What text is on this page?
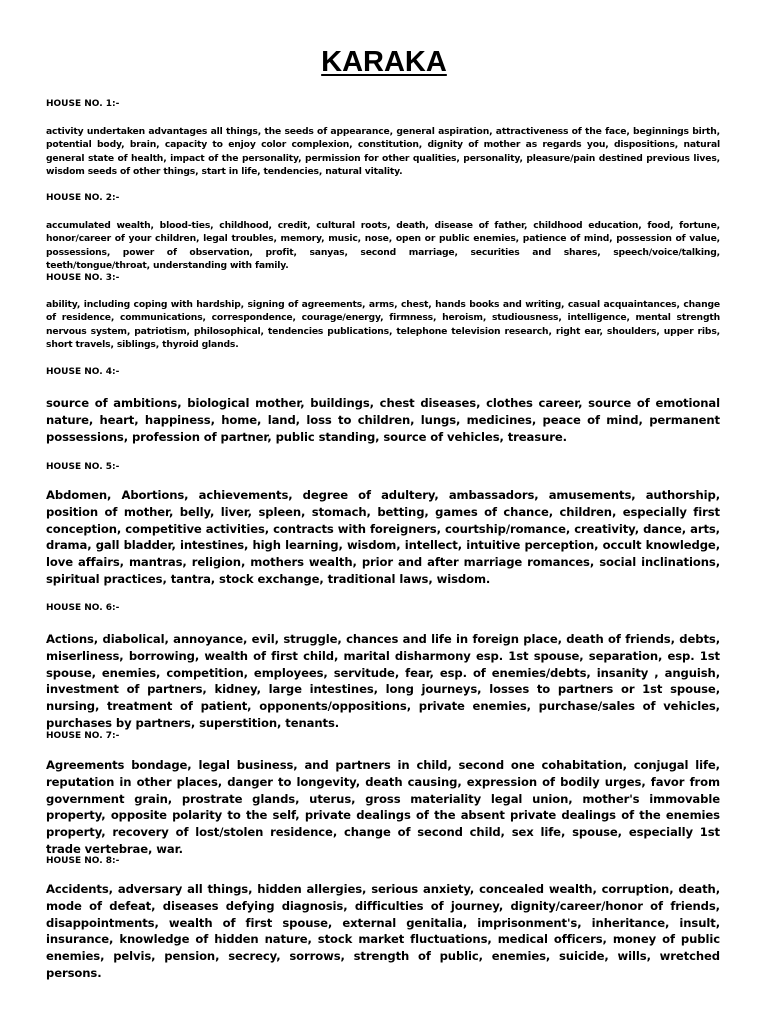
KARAKA
HOUSE NO. 1:-

activity undertaken advantages all things, the seeds of appearance, general aspiration, attractiveness of the face, beginnings birth, potential body, brain, capacity to enjoy color complexion, constitution, dignity of mother as regards you, dispositions, natural general state of health, impact of the personality, permission for other qualities, personality, pleasure/pain destined previous lives, wisdom seeds of other things, start in life, tendencies, natural vitality.

HOUSE NO. 2:-

accumulated wealth, blood-ties, childhood, credit, cultural roots, death, disease of father, childhood education, food, fortune, honor/career of your children, legal troubles, memory, music, nose, open or public enemies, patience of mind, possession of value, possessions, power of observation, profit, sanyas, second marriage, securities and shares, speech/voice/talking, teeth/tongue/throat, understanding with family.

HOUSE NO. 3:-

ability, including coping with hardship, signing of agreements, arms, chest, hands books and writing, casual acquaintances, change of residence, communications, correspondence, courage/energy, firmness, heroism, studiousness, intelligence, mental strength nervous system, patriotism, philosophical, tendencies publications, telephone television research, right ear, shoulders, upper ribs, short travels, siblings, thyroid glands.

HOUSE NO. 4:-

source of ambitions, biological mother, buildings, chest diseases, clothes career, source of emotional nature, heart, happiness, home, land, loss to children, lungs, medicines, peace of mind, permanent possessions, profession of partner, public standing, source of vehicles, treasure.

HOUSE NO. 5:-

Abdomen, Abortions, achievements, degree of adultery, ambassadors, amusements, authorship, position of mother, belly, liver, spleen, stomach, betting, games of chance, children, especially first conception, competitive activities, contracts with foreigners, courtship/romance, creativity, dance, arts, drama, gall bladder, intestines, high learning, wisdom, intellect, intuitive perception, occult knowledge, love affairs, mantras, religion, mothers wealth, prior and after marriage romances, social inclinations, spiritual practices, tantra, stock exchange, traditional laws, wisdom.

HOUSE NO. 6:-

Actions, diabolical, annoyance, evil, struggle, chances and life in foreign place, death of friends, debts, miserliness, borrowing, wealth of first child, marital disharmony esp. 1st spouse, separation, esp. 1st spouse, enemies, competition, employees, servitude, fear, esp. of enemies/debts, insanity , anguish, investment of partners, kidney, large intestines, long journeys, losses to partners or 1st spouse, nursing, treatment of patient, opponents/oppositions, private enemies, purchase/sales of vehicles, purchases by partners, superstition, tenants.

HOUSE NO. 7:-

Agreements bondage, legal business, and partners in child, second one cohabitation, conjugal life, reputation in other places, danger to longevity, death causing, expression of bodily urges, favor from government grain, prostrate glands, uterus, gross materiality legal union, mother's immovable property, opposite polarity to the self, private dealings of the absent private dealings of the enemies property, recovery of lost/stolen residence, change of second child, sex life, spouse, especially 1st trade vertebrae, war.

HOUSE NO. 8:-

Accidents, adversary all things, hidden allergies, serious anxiety, concealed wealth, corruption, death, mode of defeat, diseases defying diagnosis, difficulties of journey, dignity/career/honor of friends, disappointments, wealth of first spouse, external genitalia, imprisonment's, inheritance, insult, insurance, knowledge of hidden nature, stock market fluctuations, medical officers, money of public enemies, pelvis, pension, secrecy, sorrows, strength of public, enemies, suicide, wills, wretched persons.
